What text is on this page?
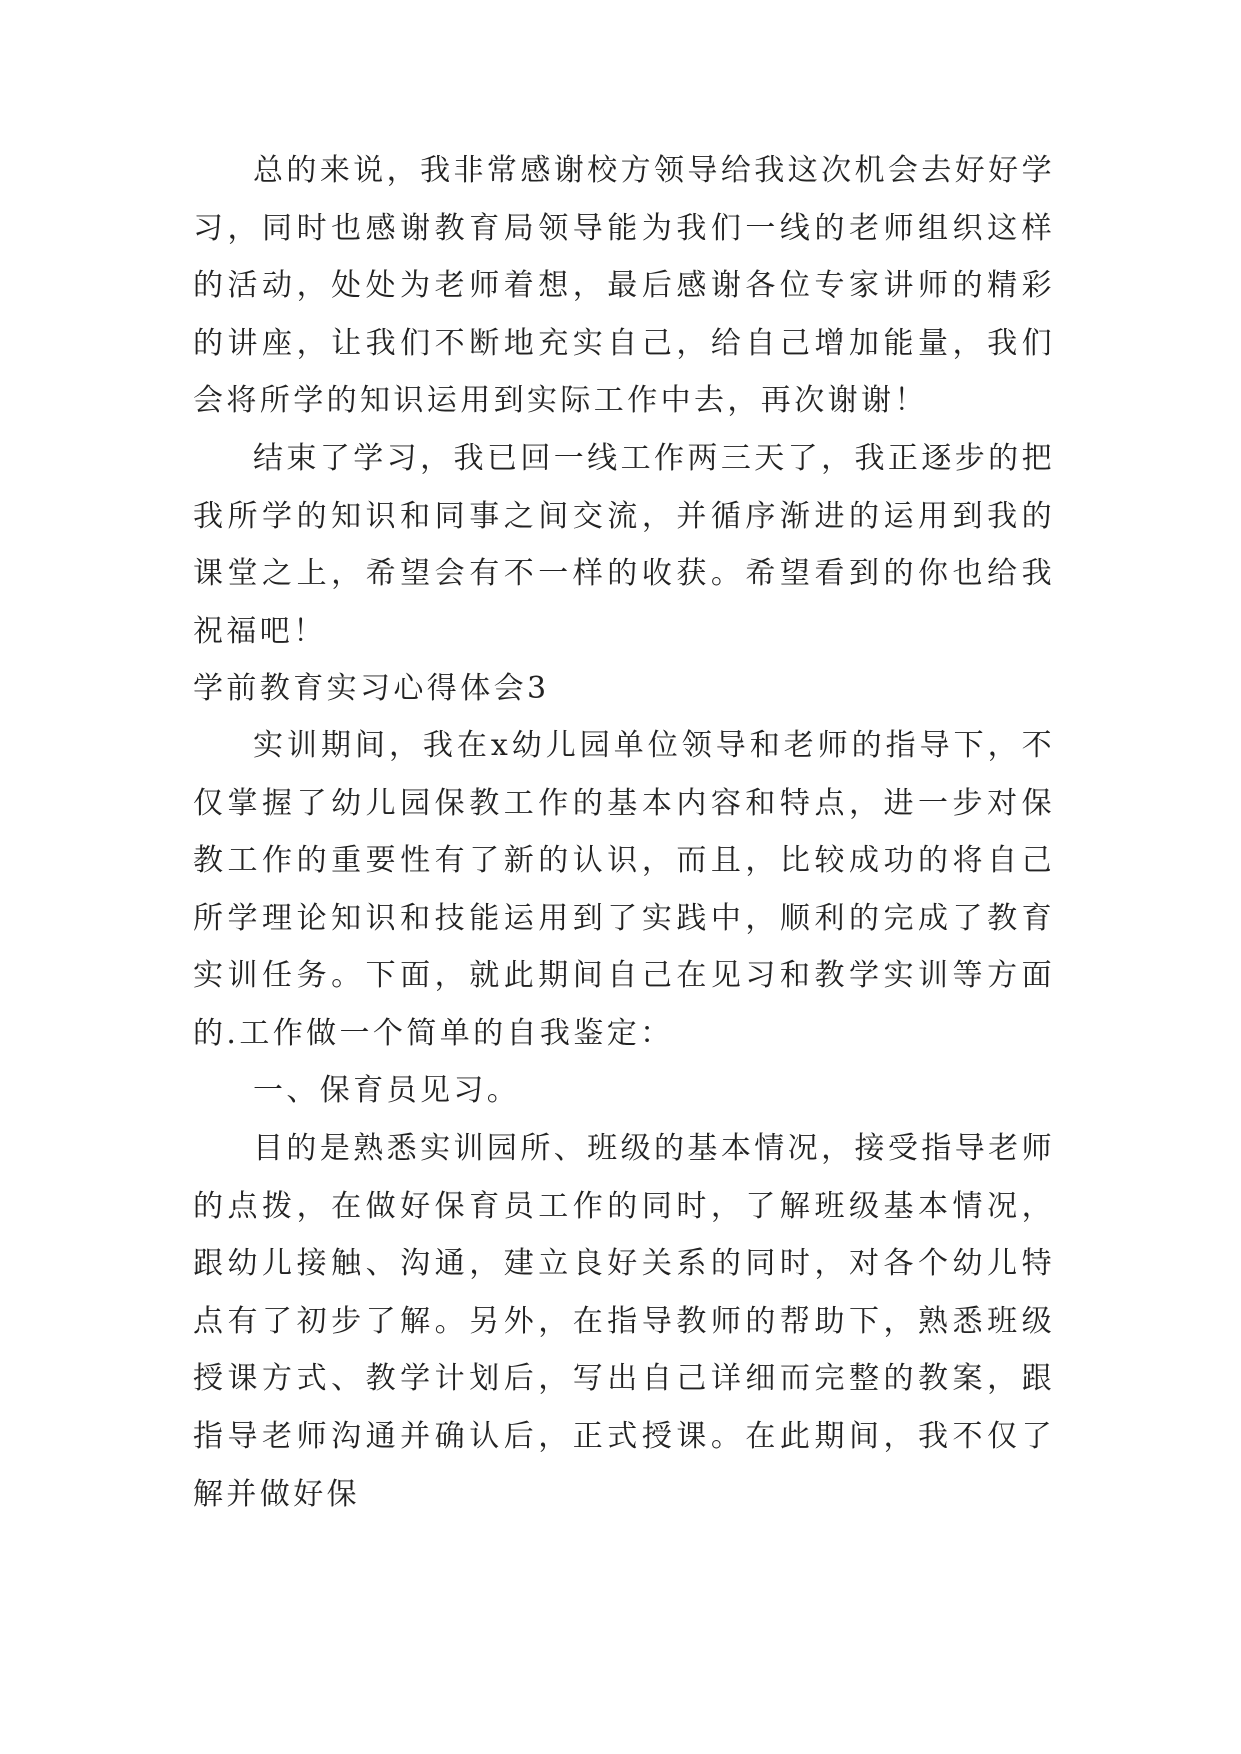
总的来说，我非常感谢校方领导给我这次机会去好好学习，同时也感谢教育局领导能为我们一线的老师组织这样的活动，处处为老师着想，最后感谢各位专家讲师的精彩的讲座，让我们不断地充实自己，给自己增加能量，我们会将所学的知识运用到实际工作中去，再次谢谢！

结束了学习，我已回一线工作两三天了，我正逐步的把我所学的知识和同事之间交流，并循序渐进的运用到我的课堂之上，希望会有不一样的收获。希望看到的你也给我祝福吧！

学前教育实习心得体会3

实训期间，我在x幼儿园单位领导和老师的指导下，不仅掌握了幼儿园保教工作的基本内容和特点，进一步对保教工作的重要性有了新的认识，而且，比较成功的将自己所学理论知识和技能运用到了实践中，顺利的完成了教育实训任务。下面，就此期间自己在见习和教学实训等方面的.工作做一个简单的自我鉴定：

一、保育员见习。

目的是熟悉实训园所、班级的基本情况，接受指导老师的点拨，在做好保育员工作的同时，了解班级基本情况，跟幼儿接触、沟通，建立良好关系的同时，对各个幼儿特点有了初步了解。另外，在指导教师的帮助下，熟悉班级授课方式、教学计划后，写出自己详细而完整的教案，跟指导老师沟通并确认后，正式授课。在此期间，我不仅了解并做好保
